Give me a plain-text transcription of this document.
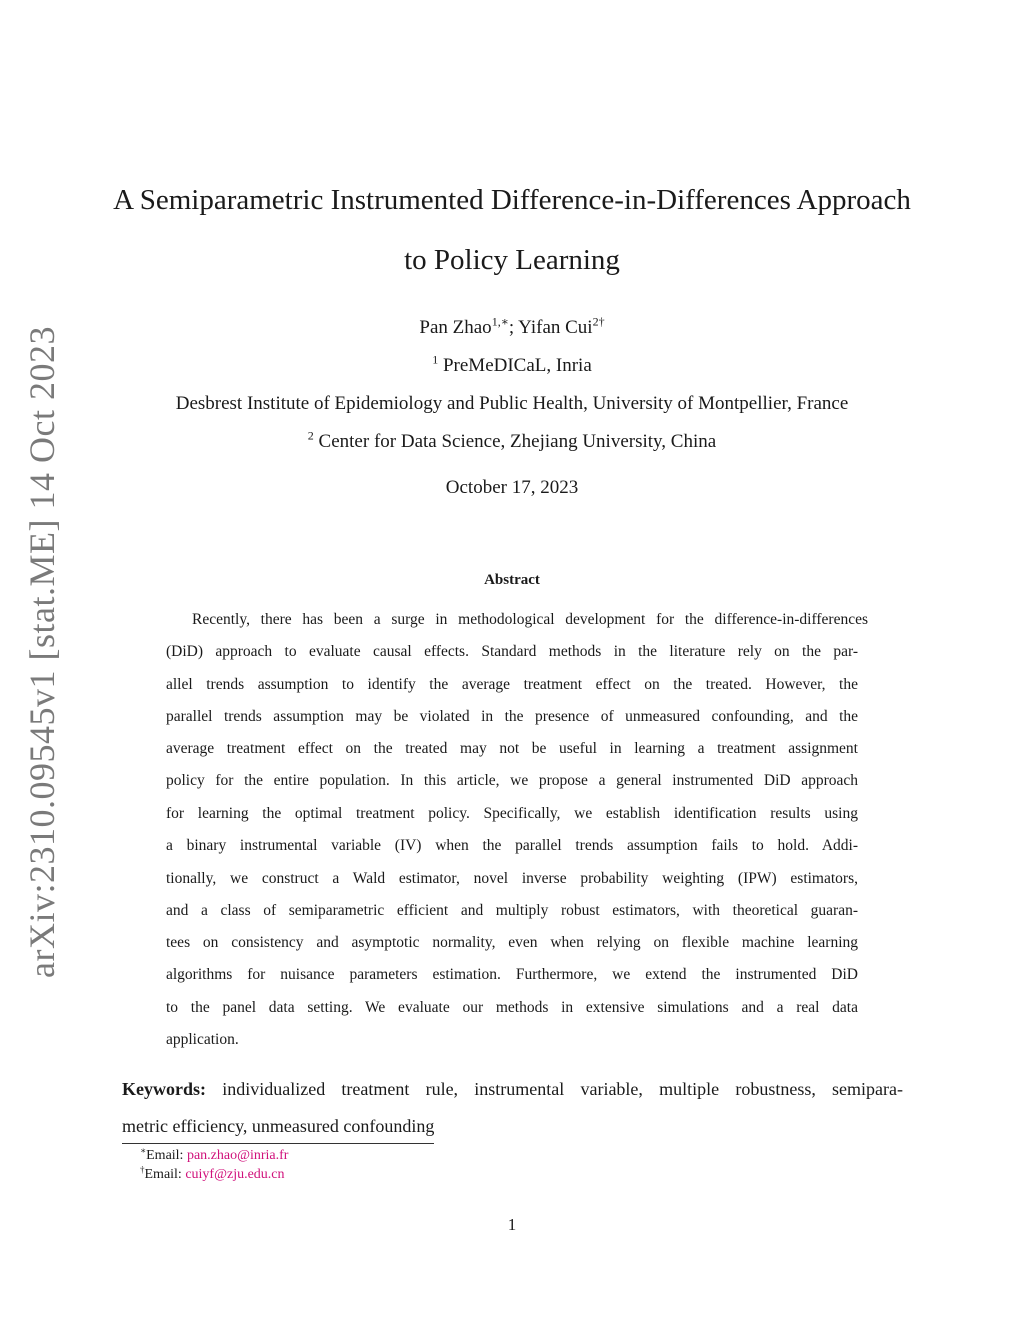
arXiv:2310.09545v1 [stat.ME] 14 Oct 2023
A Semiparametric Instrumented Difference-in-Differences Approach
to Policy Learning
Pan Zhao$^{1,∗}$; Yifan Cui$^{2\dagger}$
$^1$ PreMeDICaL, Inria
Desbrest Institute of Epidemiology and Public Health, University of Montpellier, France
$^2$ Center for Data Science, Zhejiang University, China
October 17, 2023
Abstract
Recently, there has been a surge in methodological development for the difference-in-differences
(DiD) approach to evaluate causal effects. Standard methods in the literature rely on the par-
allel trends assumption to identify the average treatment effect on the treated. However, the
parallel trends assumption may be violated in the presence of unmeasured confounding, and the
average treatment effect on the treated may not be useful in learning a treatment assignment
policy for the entire population. In this article, we propose a general instrumented DiD approach
for learning the optimal treatment policy. Specifically, we establish identification results using
a binary instrumental variable (IV) when the parallel trends assumption fails to hold. Addi-
tionally, we construct a Wald estimator, novel inverse probability weighting (IPW) estimators,
and a class of semiparametric efficient and multiply robust estimators, with theoretical guaran-
tees on consistency and asymptotic normality, even when relying on flexible machine learning
algorithms for nuisance parameters estimation. Furthermore, we extend the instrumented DiD
to the panel data setting. We evaluate our methods in extensive simulations and a real data
application.
Keywords: individualized treatment rule, instrumental variable, multiple robustness, semipara-
metric efficiency, unmeasured confounding
∗Email: pan.zhao@inria.fr
†Email: cuiyf@zju.edu.cn
1
